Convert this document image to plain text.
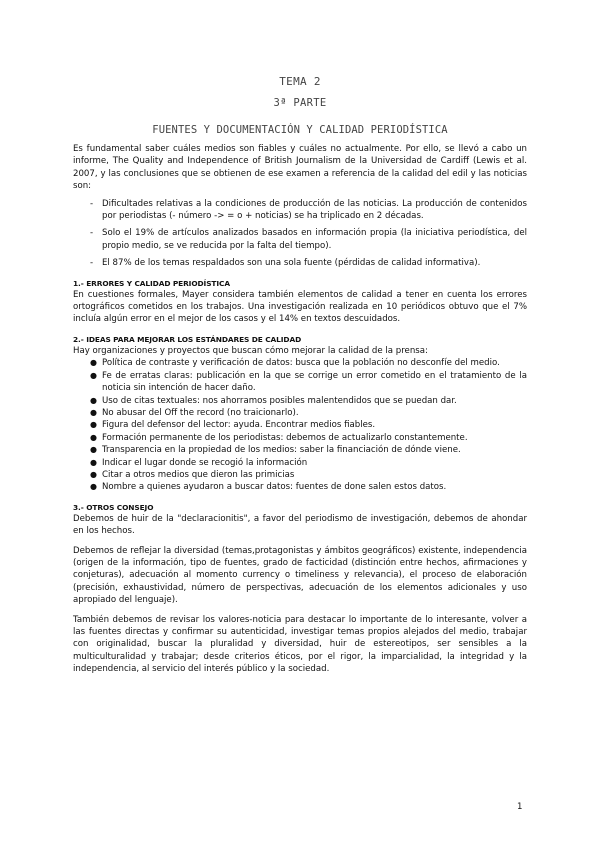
TEMA 2
3ª PARTE
FUENTES Y DOCUMENTACIÓN Y CALIDAD PERIODÍSTICA

Es fundamental saber cuáles medios son fiables y cuáles no actualmente. Por ello, se llevó a cabo un informe, The Quality and Independence of British Journalism de la Universidad de Cardiff (Lewis et al. 2007, y las conclusiones que se obtienen de ese examen a referencia de la calidad del edil y las noticias son:

- Dificultades relativas a la condiciones de producción de las noticias. La producción de contenidos por periodistas (- número -> = o + noticias) se ha triplicado en 2 décadas.
- Solo el 19% de artículos analizados basados en información propia (la iniciativa periodística, del propio medio, se ve reducida por la falta del tiempo).
- El 87% de los temas respaldados son una sola fuente (pérdidas de calidad informativa).
1.- ERRORES Y CALIDAD PERIODÍSTICA

En cuestiones formales, Mayer considera también elementos de calidad a tener en cuenta los errores ortográficos cometidos en los trabajos. Una investigación realizada en 10 periódicos obtuvo que el 7% incluía algún error en el mejor de los casos y el 14% en textos descuidados.

2.- IDEAS PARA MEJORAR LOS ESTÁNDARES DE CALIDAD

Hay organizaciones y proyectos que buscan cómo mejorar la calidad de la prensa:

● Política de contraste y verificación de datos: busca que la población no desconfíe del medio.
● Fe de erratas claras: publicación en la que se corrige un error cometido en el tratamiento de la noticia sin intención de hacer daño.
● Uso de citas textuales: nos ahorramos posibles malentendidos que se puedan dar.
● No abusar del Off the record (no traicionarlo).
● Figura del defensor del lector: ayuda. Encontrar medios fiables.
● Formación permanente de los periodistas: debemos de actualizarlo constantemente.
● Transparencia en la propiedad de los medios: saber la financiación de dónde viene.
● Indicar el lugar donde se recogió la información
● Citar a otros medios que dieron las primicias
● Nombre a quienes ayudaron a buscar datos: fuentes de done salen estos datos.
3.- OTROS CONSEJO

Debemos de huir de la "declaracionitis", a favor del periodismo de investigación, debemos de ahondar en los hechos.

Debemos de reflejar la diversidad (temas,protagonistas y ámbitos geográficos) existente, independencia (origen de la información, tipo de fuentes, grado de facticidad (distinción entre hechos, afirmaciones y conjeturas), adecuación al momento currency o timeliness y relevancia), el proceso de elaboración (precisión, exhaustividad, número de perspectivas, adecuación de los elementos adicionales y uso apropiado del lenguaje).

También debemos de revisar los valores-noticia para destacar lo importante de lo interesante, volver a las fuentes directas y confirmar su autenticidad, investigar temas propios alejados del medio, trabajar con originalidad, buscar la pluralidad y diversidad, huir de estereotipos, ser sensibles a la multiculturalidad y trabajar; desde criterios éticos, por el rigor, la imparcialidad, la integridad y la independencia, al servicio del interés público y la sociedad.

1
